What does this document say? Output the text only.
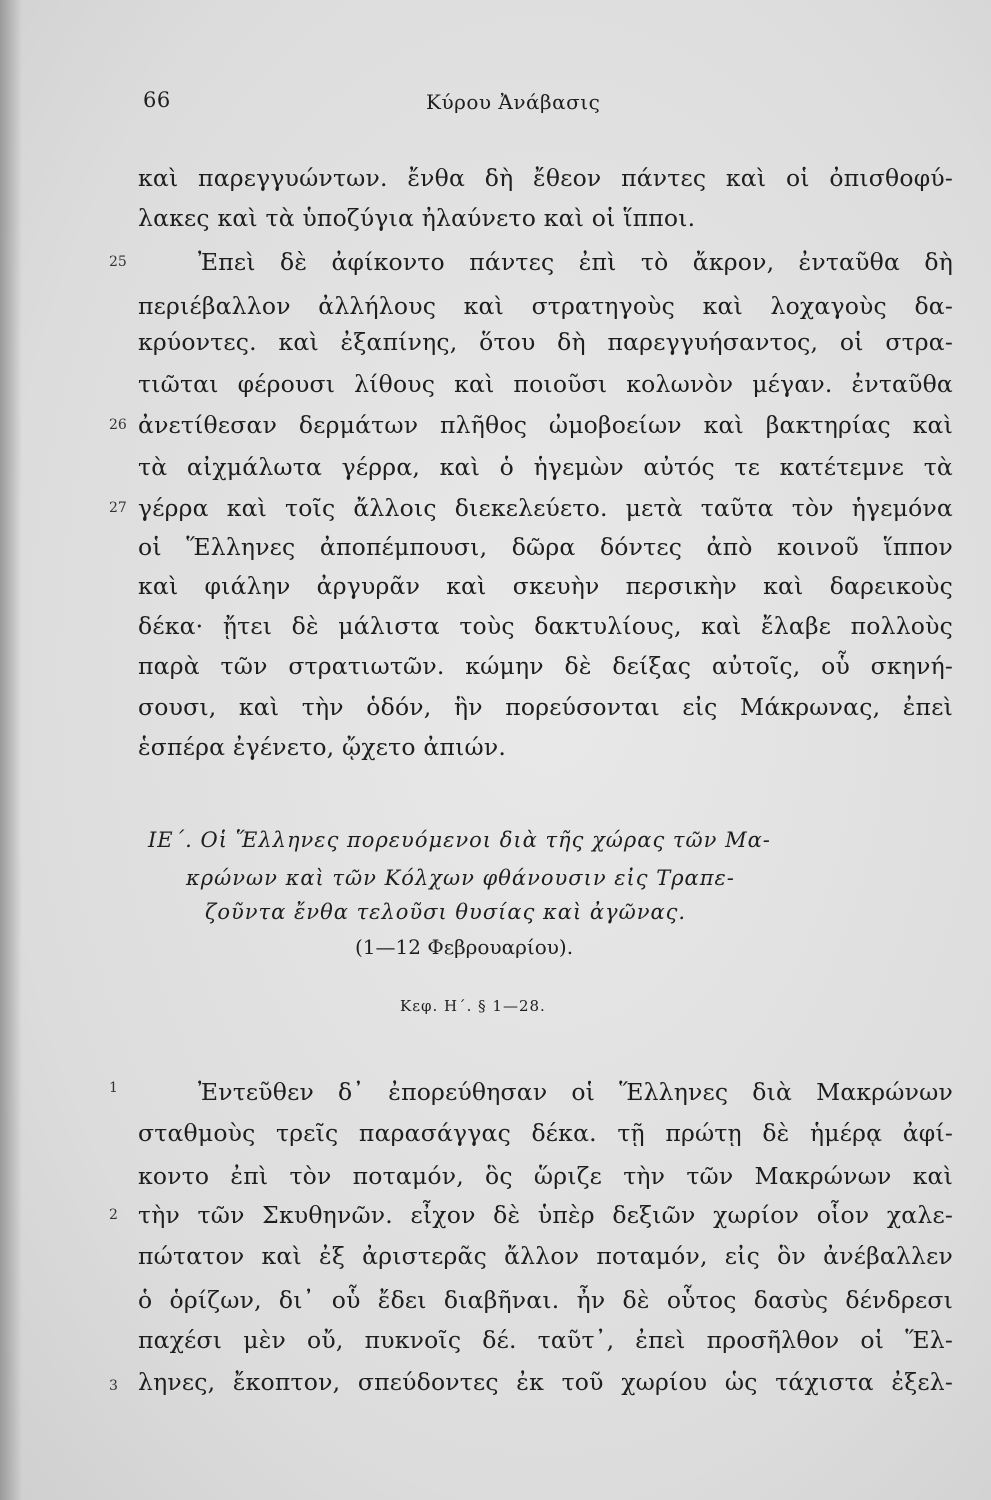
66	Κύρου Ἀνάβασις
καὶ παρεγγυώντων. ἔνθα δὴ ἔθεον πάντες καὶ οἱ ὀπισθοφύ-
λακες καὶ τὰ ὑποζύγια ἠλαύνετο καὶ οἱ ἵπποι.
25	Ἐπεὶ δὲ ἀφίκοντο πάντες ἐπὶ τὸ ἄκρον, ἐνταῦθα δὴ
περιέβαλλον ἀλλήλους καὶ στρατηγοὺς καὶ λοχαγοὺς δα-
κρύοντες. καὶ ἐξαπίνης, ὅτου δὴ παρεγγυήσαντος, οἱ στρα-
τιῶται φέρουσι λίθους καὶ ποιοῦσι κολωνὸν μέγαν. ἐνταῦθα
26 ἀνετίθεσαν δερμάτων πλῆθος ὠμοβοείων καὶ βακτηρίας καὶ
τὰ αἰχμάλωτα γέρρα, καὶ ὁ ἡγεμὼν αὐτός τε κατέτεμνε τὰ
27 γέρρα καὶ τοῖς ἄλλοις διεκελεύετο. μετὰ ταῦτα τὸν ἡγεμόνα
οἱ Ἕλληνες ἀποπέμπουσι, δῶρα δόντες ἀπὸ κοινοῦ ἵππον
καὶ φιάλην ἀργυρᾶν καὶ σκευὴν περσικὴν καὶ δαρεικοὺς
δέκα· ᾔτει δὲ μάλιστα τοὺς δακτυλίους, καὶ ἔλαβε πολλοὺς
παρὰ τῶν στρατιωτῶν. κώμην δὲ δείξας αὐτοῖς, οὗ σκηνή-
σουσι, καὶ τὴν ὁδόν, ἣν πορεύσονται εἰς Μάκρωνας, ἐπεὶ
ἑσπέρα ἐγένετο, ᾤχετο ἀπιών.
ΙΕ΄. Οἱ Ἕλληνες πορευόμενοι διὰ τῆς χώρας τῶν Μα-
κρώνων καὶ τῶν Κόλχων φθάνουσιν εἰς Τραπε-
ζοῦντα ἔνθα τελοῦσι θυσίας καὶ ἀγῶνας.
(1—12 Φεβρουαρίου).
Κεφ. Η΄. § 1—28.
1	Ἐντεῦθεν δ᾽ ἐπορεύθησαν οἱ Ἕλληνες διὰ Μακρώνων
σταθμοὺς τρεῖς παρασάγγας δέκα. τῇ πρώτῃ δὲ ἡμέρᾳ ἀφί-
κοντο ἐπὶ τὸν ποταμόν, ὃς ὥριζε τὴν τῶν Μακρώνων καὶ
2 τὴν τῶν Σκυθηνῶν. εἶχον δὲ ὑπὲρ δεξιῶν χωρίον οἷον χαλε-
πώτατον καὶ ἐξ ἀριστερᾶς ἄλλον ποταμόν, εἰς ὃν ἀνέβαλλεν
ὁ ὁρίζων, δι᾽ οὗ ἔδει διαβῆναι. ἦν δὲ οὗτος δασὺς δένδρεσι
παχέσι μὲν οὔ, πυκνοῖς δέ. ταῦτ᾽, ἐπεὶ προσῆλθον οἱ Ἕλ-
3 ληνες, ἔκοπτον, σπεύδοντες ἐκ τοῦ χωρίου ὡς τάχιστα ἐξελ-
